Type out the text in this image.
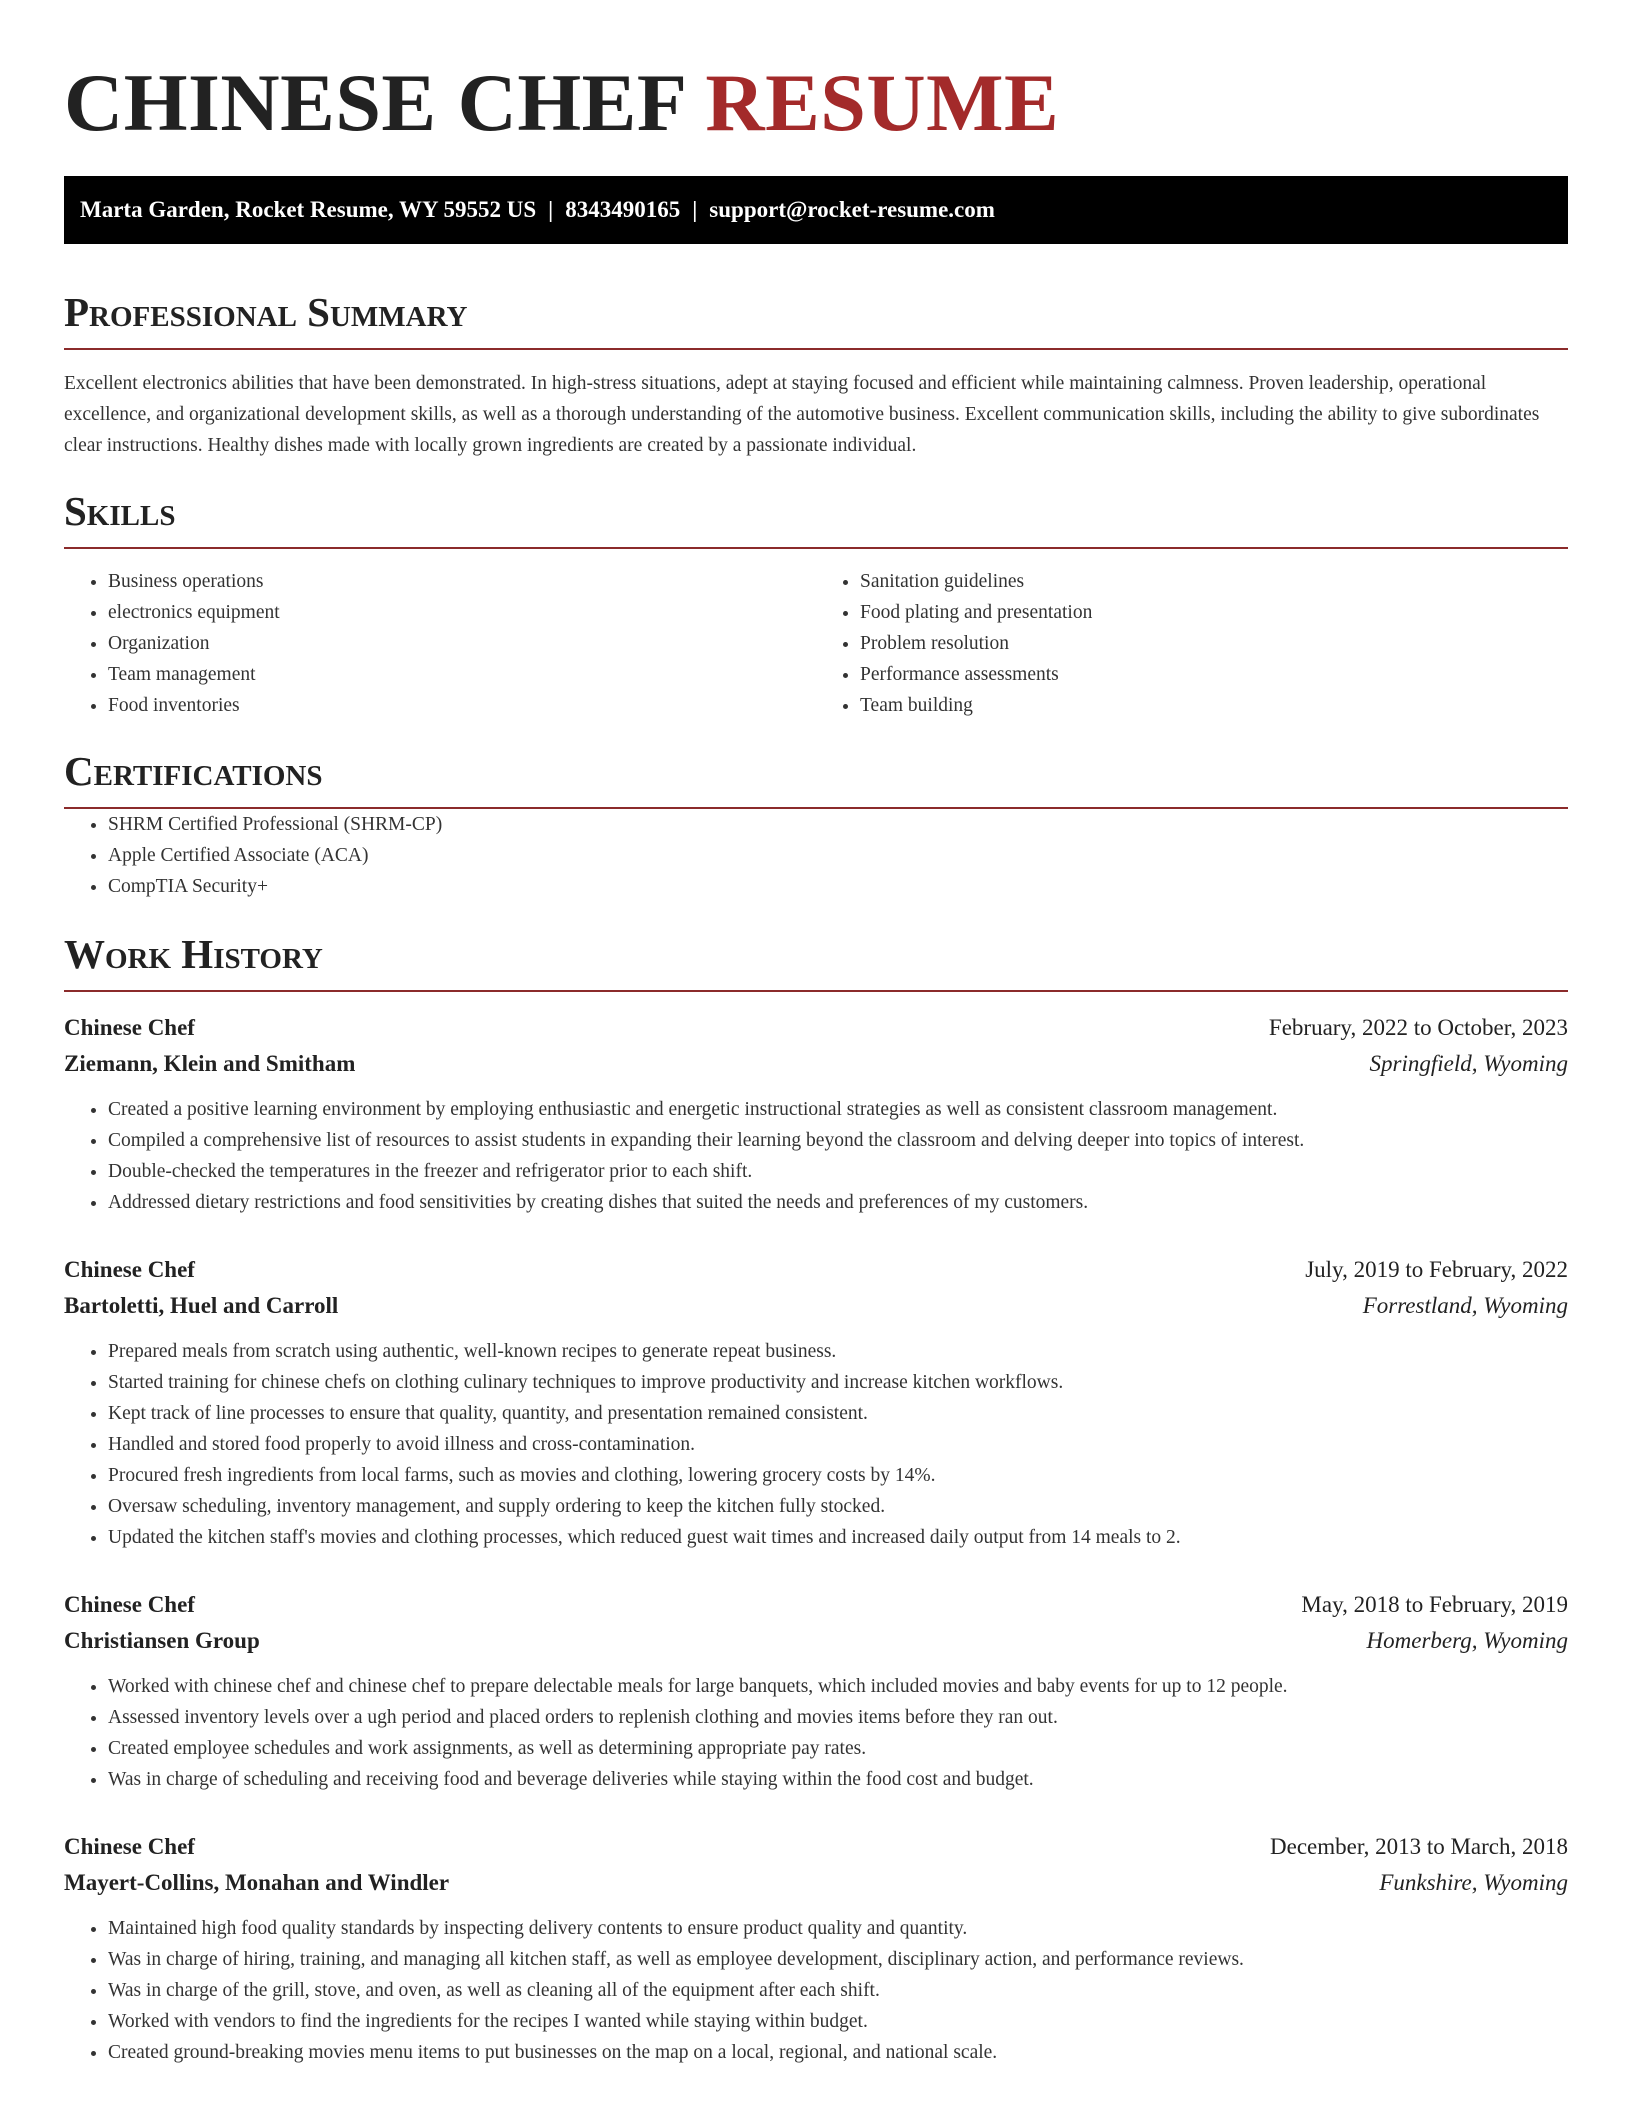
CHINESE CHEF RESUME
Marta Garden, Rocket Resume, WY 59552 US | 8343490165 | support@rocket-resume.com
Professional Summary

Excellent electronics abilities that have been demonstrated. In high-stress situations, adept at staying focused and efficient while maintaining calmness. Proven leadership, operational excellence, and organizational development skills, as well as a thorough understanding of the automotive business. Excellent communication skills, including the ability to give subordinates clear instructions. Healthy dishes made with locally grown ingredients are created by a passionate individual.

Skills
• Business operations
• electronics equipment
• Organization
• Team management
• Food inventories
• Sanitation guidelines
• Food plating and presentation
• Problem resolution
• Performance assessments
• Team building
Certifications
• SHRM Certified Professional (SHRM-CP)
• Apple Certified Associate (ACA)
• CompTIA Security+
Work History
Chinese Chef	February, 2022 to October, 2023
Ziemann, Klein and Smitham	Springfield, Wyoming
• Created a positive learning environment by employing enthusiastic and energetic instructional strategies as well as consistent classroom management.
• Compiled a comprehensive list of resources to assist students in expanding their learning beyond the classroom and delving deeper into topics of interest.
• Double-checked the temperatures in the freezer and refrigerator prior to each shift.
• Addressed dietary restrictions and food sensitivities by creating dishes that suited the needs and preferences of my customers.
Chinese Chef	July, 2019 to February, 2022
Bartoletti, Huel and Carroll	Forrestland, Wyoming
• Prepared meals from scratch using authentic, well-known recipes to generate repeat business.
• Started training for chinese chefs on clothing culinary techniques to improve productivity and increase kitchen workflows.
• Kept track of line processes to ensure that quality, quantity, and presentation remained consistent.
• Handled and stored food properly to avoid illness and cross-contamination.
• Procured fresh ingredients from local farms, such as movies and clothing, lowering grocery costs by 14%.
• Oversaw scheduling, inventory management, and supply ordering to keep the kitchen fully stocked.
• Updated the kitchen staff's movies and clothing processes, which reduced guest wait times and increased daily output from 14 meals to 2.
Chinese Chef	May, 2018 to February, 2019
Christiansen Group	Homerberg, Wyoming
• Worked with chinese chef and chinese chef to prepare delectable meals for large banquets, which included movies and baby events for up to 12 people.
• Assessed inventory levels over a ugh period and placed orders to replenish clothing and movies items before they ran out.
• Created employee schedules and work assignments, as well as determining appropriate pay rates.
• Was in charge of scheduling and receiving food and beverage deliveries while staying within the food cost and budget.
Chinese Chef	December, 2013 to March, 2018
Mayert-Collins, Monahan and Windler	Funkshire, Wyoming
• Maintained high food quality standards by inspecting delivery contents to ensure product quality and quantity.
• Was in charge of hiring, training, and managing all kitchen staff, as well as employee development, disciplinary action, and performance reviews.
• Was in charge of the grill, stove, and oven, as well as cleaning all of the equipment after each shift.
• Worked with vendors to find the ingredients for the recipes I wanted while staying within budget.
• Created ground-breaking movies menu items to put businesses on the map on a local, regional, and national scale.
